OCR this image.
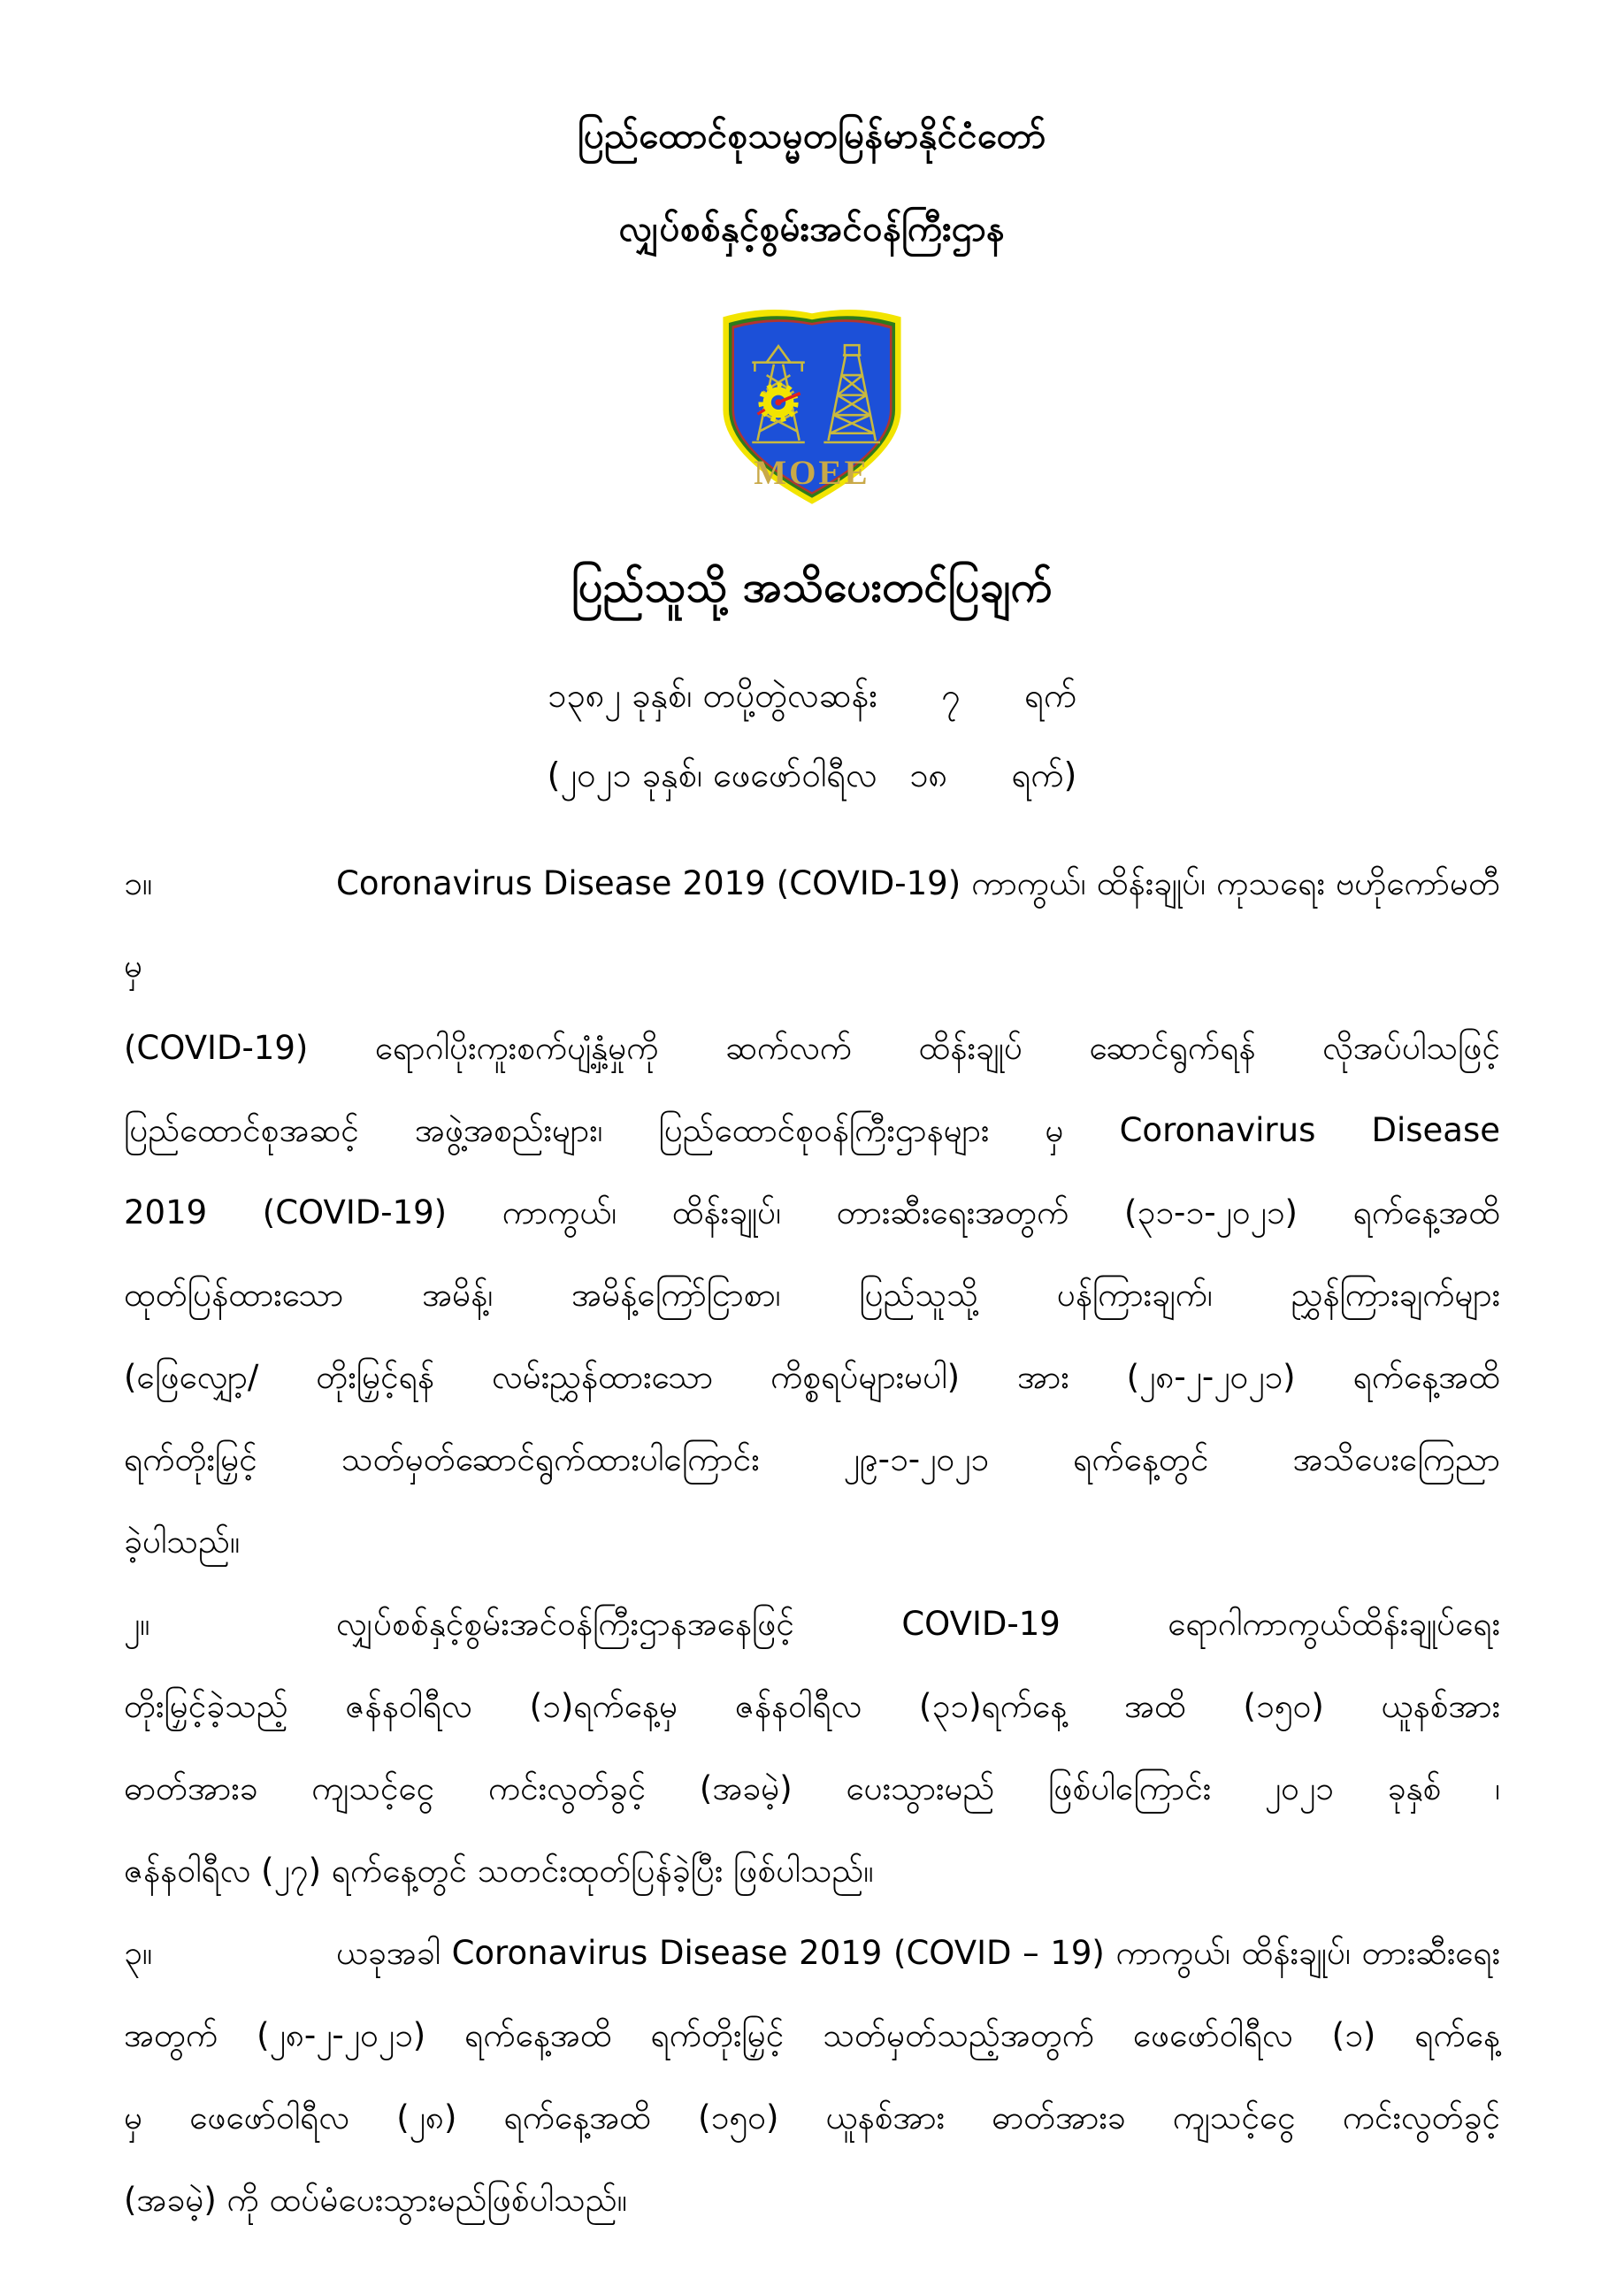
ပြည်ထောင်စုသမ္မတမြန်မာနိုင်ငံတော်
လျှပ်စစ်နှင့်စွမ်းအင်ဝန်ကြီးဌာန
MOEE
ပြည်သူသို့ အသိပေးတင်ပြချက်
၁၃၈၂ ခုနှစ်၊ တပို့တွဲလဆန်း      ၇      ရက်
(၂၀၂၁ ခုနှစ်၊ ဖေဖော်ဝါရီလ   ၁၈      ရက်)
၁။	Coronavirus Disease 2019 (COVID-19) ကာကွယ်၊ ထိန်းချုပ်၊ ကုသရေး ဗဟိုကော်မတီမှ
(COVID-19) ရောဂါပိုးကူးစက်ပျံ့နှံ့မှုကို ဆက်လက် ထိန်းချုပ် ဆောင်ရွက်ရန် လိုအပ်ပါသဖြင့်
ပြည်ထောင်စုအဆင့် အဖွဲ့အစည်းများ၊ ပြည်ထောင်စုဝန်ကြီးဌာနများ မှ Coronavirus Disease
2019 (COVID-19) ကာကွယ်၊ ထိန်းချုပ်၊ တားဆီးရေးအတွက် (၃၁-၁-၂၀၂၁) ရက်နေ့အထိ
ထုတ်ပြန်ထားသော အမိန့်၊ အမိန့်ကြော်ငြာစာ၊ ပြည်သူသို့ ပန်ကြားချက်၊ ညွှန်ကြားချက်များ
(ဖြေလျှော့/ တိုးမြှင့်ရန် လမ်းညွှန်ထားသော ကိစ္စရပ်များမပါ) အား (၂၈-၂-၂၀၂၁) ရက်နေ့အထိ
ရက်တိုးမြှင့် သတ်မှတ်ဆောင်ရွက်ထားပါကြောင်း ၂၉-၁-၂၀၂၁ ရက်နေ့တွင် အသိပေးကြေညာ
ခဲ့ပါသည်။
၂။	လျှပ်စစ်နှင့်စွမ်းအင်ဝန်ကြီးဌာနအနေဖြင့် COVID-19 ရောဂါကာကွယ်ထိန်းချုပ်ရေး
တိုးမြှင့်ခဲ့သည့် ဇန်နဝါရီလ (၁)ရက်နေ့မှ ဇန်နဝါရီလ (၃၁)ရက်နေ့ အထိ (၁၅၀) ယူနစ်အား
ဓာတ်အားခ ကျသင့်ငွေ ကင်းလွတ်ခွင့် (အခမဲ့) ပေးသွားမည် ဖြစ်ပါကြောင်း ၂၀၂၁ ခုနှစ် ၊
ဇန်နဝါရီလ (၂၇) ရက်နေ့တွင် သတင်းထုတ်ပြန်ခဲ့ပြီး ဖြစ်ပါသည်။
၃။	ယခုအခါ Coronavirus Disease 2019 (COVID – 19) ကာကွယ်၊ ထိန်းချုပ်၊ တားဆီးရေး
အတွက် (၂၈-၂-၂၀၂၁) ရက်နေ့အထိ ရက်တိုးမြှင့် သတ်မှတ်သည့်အတွက် ဖေဖော်ဝါရီလ (၁) ရက်နေ့
မှ ဖေဖော်ဝါရီလ (၂၈) ရက်နေ့အထိ (၁၅၀) ယူနစ်အား ဓာတ်အားခ ကျသင့်ငွေ ကင်းလွတ်ခွင့်
(အခမဲ့) ကို ထပ်မံပေးသွားမည်ဖြစ်ပါသည်။
